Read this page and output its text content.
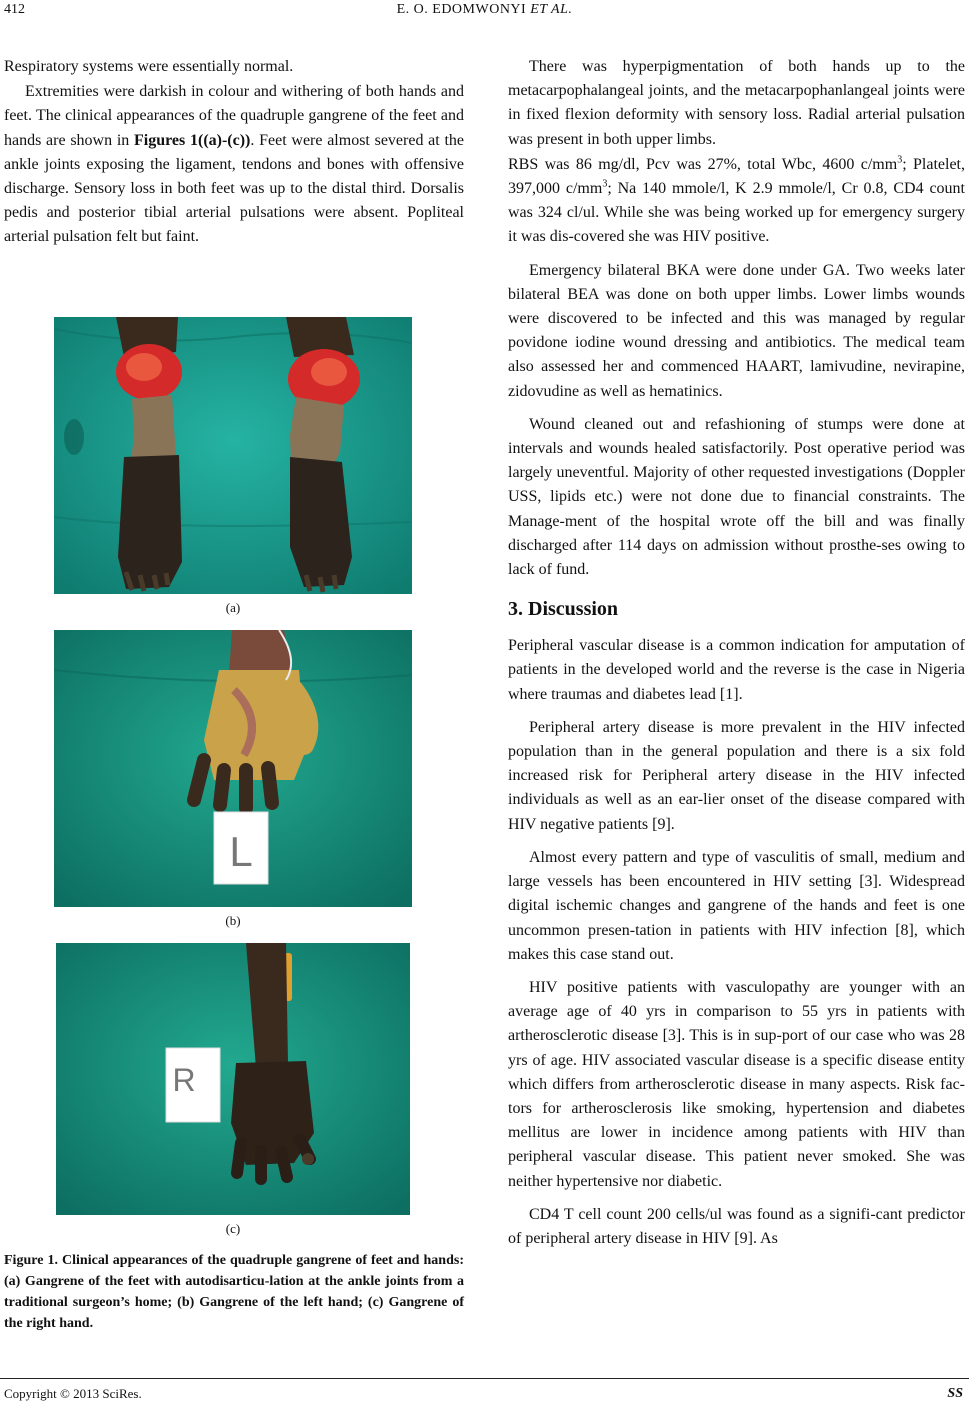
412	E. O. EDOMWONYI ET AL.

Respiratory systems were essentially normal.

Extremities were darkish in colour and withering of both hands and feet. The clinical appearances of the quadruple gangrene of the feet and hands are shown in Figures 1((a)-(c)). Feet were almost severed at the ankle joints exposing the ligament, tendons and bones with offensive discharge. Sensory loss in both feet was up to the distal third. Dorsalis pedis and posterior tibial arterial pulsations were absent. Popliteal arterial pulsation felt but faint.

(a)
L
(b)
R
(c)
Figure 1. Clinical appearances of the quadruple gangrene of feet and hands: (a) Gangrene of the feet with autodisarticu-lation at the ankle joints from a traditional surgeon’s home; (b) Gangrene of the left hand; (c) Gangrene of the right hand.

There was hyperpigmentation of both hands up to the metacarpophalangeal joints, and the metacarpophanlangeal joints were in fixed flexion deformity with sensory loss. Radial arterial pulsation was present in both upper limbs.

RBS was 86 mg/dl, Pcv was 27%, total Wbc, 4600 $c/mm^3$; Platelet, 397,000 $c/mm^3$; Na 140 mmole/l, K 2.9 mmole/l, Cr 0.8, CD4 count was 324 cl/ul. While she was being worked up for emergency surgery it was dis-covered she was HIV positive.

Emergency bilateral BKA were done under GA. Two weeks later bilateral BEA was done on both upper limbs. Lower limbs wounds were discovered to be infected and this was managed by regular povidone iodine wound dressing and antibiotics. The medical team also assessed her and commenced HAART, lamivudine, nevirapine, zidovudine as well as hematinics.

Wound cleaned out and refashioning of stumps were done at intervals and wounds healed satisfactorily. Post operative period was largely uneventful. Majority of other requested investigations (Doppler USS, lipids etc.) were not done due to financial constraints. The Manage-ment of the hospital wrote off the bill and was finally discharged after 114 days on admission without prosthe-ses owing to lack of fund.

3. Discussion

Peripheral vascular disease is a common indication for amputation of patients in the developed world and the reverse is the case in Nigeria where traumas and diabetes lead [1].

Peripheral artery disease is more prevalent in the HIV infected population than in the general population and there is a six fold increased risk for Peripheral artery disease in the HIV infected individuals as well as an ear-lier onset of the disease compared with HIV negative patients [9].

Almost every pattern and type of vasculitis of small, medium and large vessels has been encountered in HIV setting [3]. Widespread digital ischemic changes and gangrene of the hands and feet is one uncommon presen-tation in patients with HIV infection [8], which makes this case stand out.

HIV positive patients with vasculopathy are younger with an average age of 40 yrs in comparison to 55 yrs in patients with artherosclerotic disease [3]. This is in sup-port of our case who was 28 yrs of age. HIV associated vascular disease is a specific disease entity which differs from artherosclerotic disease in many aspects. Risk fac-tors for artherosclerosis like smoking, hypertension and diabetes mellitus are lower in incidence among patients with HIV than peripheral vascular disease. This patient never smoked. She was neither hypertensive nor diabetic.

CD4 T cell count 200 cells/ul was found as a signifi-cant predictor of peripheral artery disease in HIV [9]. As

Copyright © 2013 SciRes.	SS
